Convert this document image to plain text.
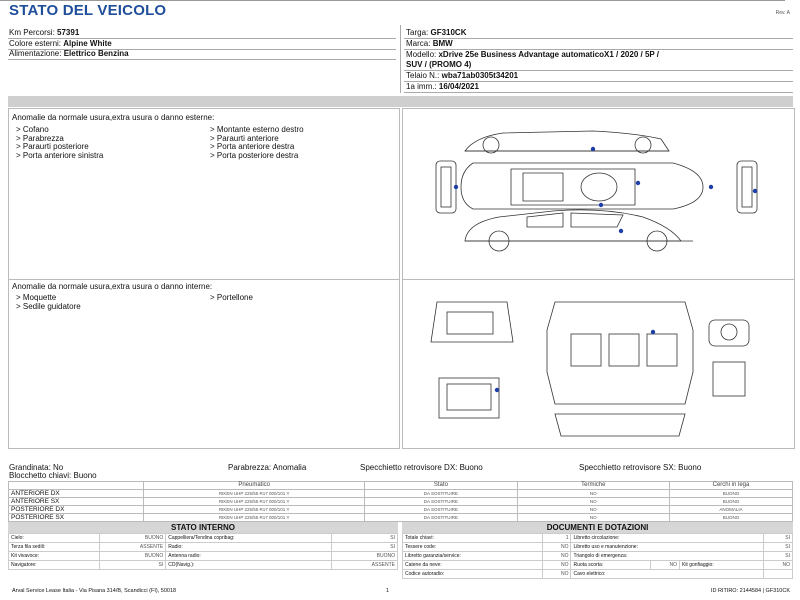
STATO DEL VEICOLO	Rev. A
Km Percorsi: 57391
Colore esterni: Alpine White
Alimentazione: Elettrico Benzina
Targa: GF310CK
Marca: BMW
Modello: xDrive 25e Business Advantage automaticoX1 / 2020 / 5P /
SUV / (PROMO 4)
Telaio N.: wba71ab0305t34201
1a imm.: 16/04/2021
Anomalie da normale usura,extra usura o danno esterne:
> Cofano
> Parabrezza
> Paraurti posteriore
> Porta anteriore sinistra
> Montante esterno destro
> Paraurti anteriore
> Porta anteriore destra
> Porta posteriore destra
Anomalie da normale usura,extra usura o danno interne:
> Moquette
> Sedile guidatore
> Portellone
Grandinata: No	Parabrezza: Anomalia	Specchietto retrovisore DX: Buono	Specchietto retrovisore SX: Buono
Blocchetto chiavi: Buono
	Pneumatico	Stato	Termiche	Cerchi in lega
ANTERIORE DX	RIKEN UHP 225/55 R17 000/101 Y	DA SOSTITUIRE	NO	BUONO
ANTERIORE SX	RIKEN UHP 225/55 R17 000/101 Y	DA SOSTITUIRE	NO	BUONO
POSTERIORE DX	RIKEN UHP 225/55 R17 000/101 Y	DA SOSTITUIRE	NO	ANOMALIA
POSTERIORE SX	RIKEN UHP 225/55 R17 000/101 Y	DA SOSTITUIRE	NO	BUONO
STATO INTERNO
Cielo:	BUONO	Cappelliera/Tendina copribag:	SI
Terza fila sedili:	ASSENTE	Radio:	SI
Kit vivavoce:	BUONO	Antenna radio:	BUONO
Navigatore:	SI	CD(Navig.):	ASSENTE
DOCUMENTI E DOTAZIONI
Totale chiavi:	1	Libretto circolazione:			SI
Tessere code:	NO	Libretto uso e manutenzione:			SI
Libretto garanzia/service:	NO	Triangolo di emergenza:			SI
Catene da neve:	NO	Ruota scorta:	NO	Kit gonfiaggio:	NO
Codice autoradio:	NO	Cavo elettrico:			
Arval Service Lease Italia - Via Pisana 314/B, Scandicci (FI), 50018	1	ID RITIRO: 2144584 | GF310CK
